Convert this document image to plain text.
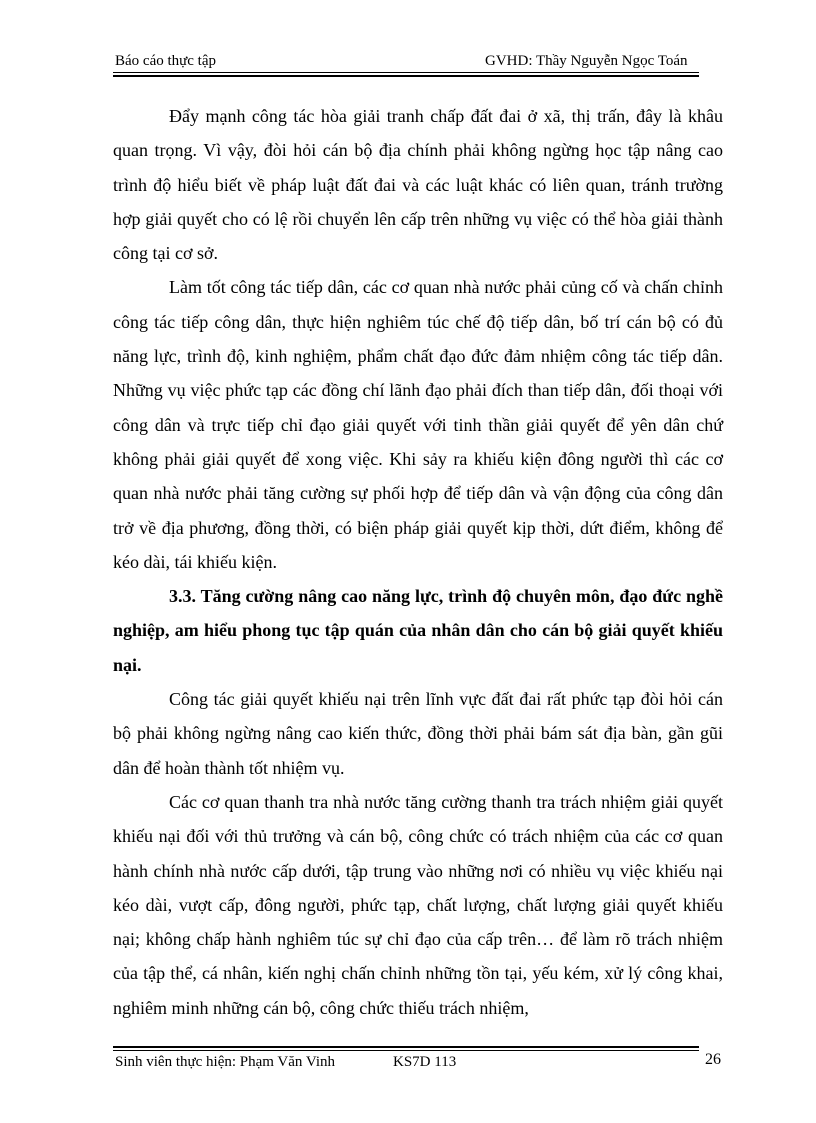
Báo cáo thực tập	GVHD: Thầy Nguyễn Ngọc Toán

Đẩy mạnh công tác hòa giải tranh chấp đất đai ở xã, thị trấn, đây là khâu quan trọng. Vì vậy, đòi hỏi cán bộ địa chính phải không ngừng học tập nâng cao trình độ hiểu biết về pháp luật đất đai và các luật khác có liên quan, tránh trường hợp giải quyết cho có lệ rồi chuyển lên cấp trên những vụ việc có thể hòa giải thành công tại cơ sở.

Làm tốt công tác tiếp dân, các cơ quan nhà nước phải củng cố và chấn chỉnh công tác tiếp công dân, thực hiện nghiêm túc chế độ tiếp dân, bố trí cán bộ có đủ năng lực, trình độ, kinh nghiệm, phẩm chất đạo đức đảm nhiệm công tác tiếp dân. Những vụ việc phức tạp các đồng chí lãnh đạo phải đích than tiếp dân, đối thoại với công dân và trực tiếp chỉ đạo giải quyết với tinh thần giải quyết để yên dân chứ không phải giải quyết để xong việc. Khi sảy ra khiếu kiện đông người thì các cơ quan nhà nước phải tăng cường sự phối hợp để tiếp dân và vận động của công dân trở về địa phương, đồng thời, có biện pháp giải quyết kịp thời, dứt điểm, không để kéo dài, tái khiếu kiện.

3.3. Tăng cường nâng cao năng lực, trình độ chuyên môn, đạo đức nghề nghiệp, am hiểu phong tục tập quán của nhân dân cho cán bộ giải quyết khiếu nại.

Công tác giải quyết khiếu nại trên lĩnh vực đất đai rất phức tạp đòi hỏi cán bộ phải không ngừng nâng cao kiến thức, đồng thời phải bám sát địa bàn, gần gũi dân để hoàn thành tốt nhiệm vụ.

Các cơ quan thanh tra nhà nước tăng cường thanh tra trách nhiệm giải quyết khiếu nại đối với thủ trưởng và cán bộ, công chức có trách nhiệm của các cơ quan hành chính nhà nước cấp dưới, tập trung vào những nơi có nhiều vụ việc khiếu nại kéo dài, vượt cấp, đông người, phức tạp, chất lượng, chất lượng giải quyết khiếu nại; không chấp hành nghiêm túc sự chỉ đạo của cấp trên… để làm rõ trách nhiệm của tập thể, cá nhân, kiến nghị chấn chỉnh những tồn tại, yếu kém, xử lý công khai, nghiêm minh những cán bộ, công chức thiếu trách nhiệm,

Sinh viên thực hiện: Phạm Văn Vinh	KS7D 113	26
